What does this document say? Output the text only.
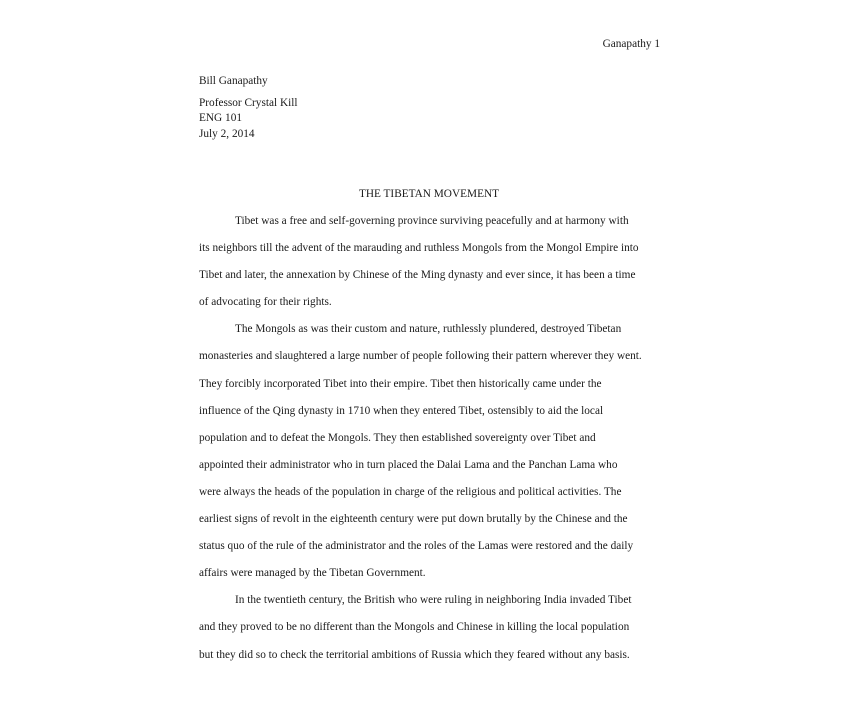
Ganapathy 1
Bill Ganapathy
Professor Crystal Kill
ENG 101
July 2, 2014
THE TIBETAN MOVEMENT
Tibet was a free and self-governing province surviving peacefully and at harmony with
its neighbors till the advent of the marauding and ruthless Mongols from the Mongol Empire into
Tibet and later, the annexation by Chinese of the Ming dynasty and ever since, it has been a time
of advocating for their rights.
The Mongols as was their custom and nature, ruthlessly plundered, destroyed Tibetan
monasteries and slaughtered a large number of people following their pattern wherever they went.
They forcibly incorporated Tibet into their empire. Tibet then historically came under the
influence of the Qing dynasty in 1710 when they entered Tibet, ostensibly to aid the local
population and to defeat the Mongols. They then established sovereignty over Tibet and
appointed their administrator who in turn placed the Dalai Lama and the Panchan Lama who
were always the heads of the population in charge of the religious and political activities. The
earliest signs of revolt in the eighteenth century were put down brutally by the Chinese and the
status quo of the rule of the administrator and the roles of the Lamas were restored and the daily
affairs were managed by the Tibetan Government.
In the twentieth century, the British who were ruling in neighboring India invaded Tibet
and they proved to be no different than the Mongols and Chinese in killing the local population
but they did so to check the territorial ambitions of Russia which they feared without any basis.
